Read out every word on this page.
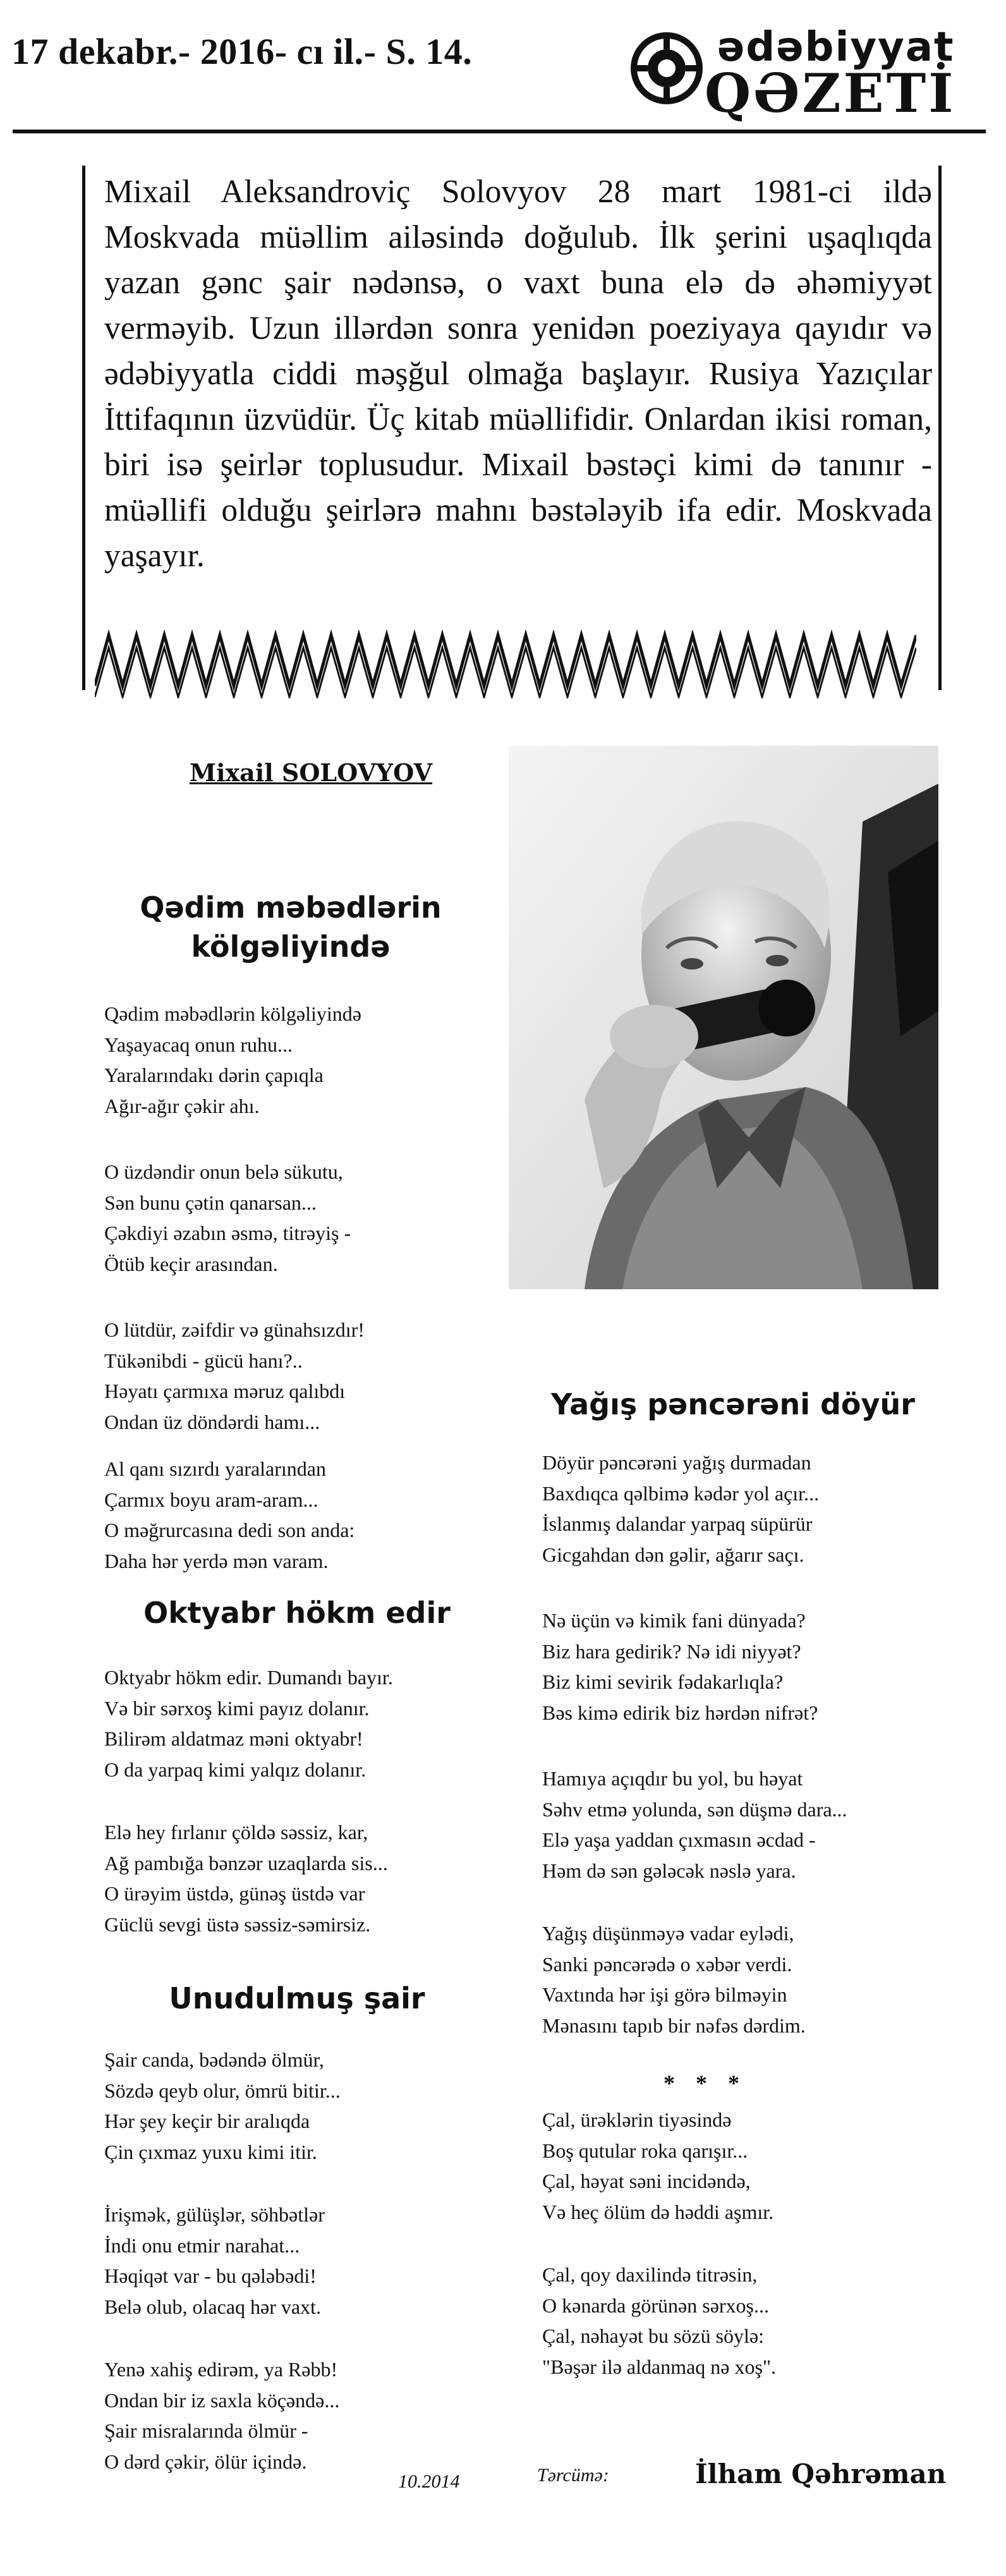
17 dekabr.- 2016- cı il.- S. 14.	ədəbiyyat
QƏZETİ
Mixail Aleksandroviç Solovyov 28 mart 1981-ci ildə Moskvada müəllim ailəsində doğulub. İlk şerini uşaqlıqda yazan gənc şair nədənsə, o vaxt buna elə də əhəmiyyət verməyib. Uzun illərdən sonra yenidən poeziyaya qayıdır və ədəbiyyatla ciddi məşğul olmağa başlayır. Rusiya Yazıçılar İttifaqının üzvüdür. Üç kitab müəllifidir. Onlardan ikisi roman, biri isə şeirlər toplusudur. Mixail bəstəçi kimi də tanınır - müəllifi olduğu şeirlərə mahnı bəstələyib ifa edir. Moskvada yaşayır.
Mixail SOLOVYOV
Qədim məbədlərin
kölgəliyində
Qədim məbədlərin kölgəliyində
Yaşayacaq onun ruhu...
Yaralarındakı dərin çapıqla
Ağır-ağır çəkir ahı.
O üzdəndir onun belə sükutu,
Sən bunu çətin qanarsan...
Çəkdiyi əzabın əsmə, titrəyiş -
Ötüb keçir arasından.
O lütdür, zəifdir və günahsızdır!
Tükənibdi - gücü hanı?..
Həyatı çarmıxa məruz qalıbdı
Ondan üz döndərdi hamı...
Al qanı sızırdı yaralarından
Çarmıx boyu aram-aram...
O məğrurcasına dedi son anda:
Daha hər yerdə mən varam.
Oktyabr hökm edir
Oktyabr hökm edir. Dumandı bayır.
Və bir sərxoş kimi payız dolanır.
Bilirəm aldatmaz məni oktyabr!
O da yarpaq kimi yalqız dolanır.
Elə hey fırlanır çöldə səssiz, kar,
Ağ pambığa bənzər uzaqlarda sis...
O ürəyim üstdə, günəş üstdə var
Güclü sevgi üstə səssiz-səmirsiz.
Unudulmuş şair
Şair canda, bədəndə ölmür,
Sözdə qeyb olur, ömrü bitir...
Hər şey keçir bir aralıqda
Çin çıxmaz yuxu kimi itir.
İrişmək, gülüşlər, söhbətlər
İndi onu etmir narahat...
Həqiqət var - bu qələbədi!
Belə olub, olacaq hər vaxt.
Yenə xahiş edirəm, ya Rəbb!
Ondan bir iz saxla köçəndə...
Şair misralarında ölmür -
O dərd çəkir, ölür içində.
Yağış pəncərəni döyür
Döyür pəncərəni yağış durmadan
Baxdıqca qəlbimə kədər yol açır...
İslanmış dalandar yarpaq süpürür
Gicgahdan dən gəlir, ağarır saçı.
Nə üçün və kimik fani dünyada?
Biz hara gedirik? Nə idi niyyət?
Biz kimi sevirik fədakarlıqla?
Bəs kimə edirik biz hərdən nifrət?
Hamıya açıqdır bu yol, bu həyat
Səhv etmə yolunda, sən düşmə dara...
Elə yaşa yaddan çıxmasın əcdad -
Həm də sən gələcək nəslə yara.
Yağış düşünməyə vadar eylədi,
Sanki pəncərədə o xəbər verdi.
Vaxtında hər işi görə bilməyin
Mənasını tapıb bir nəfəs dərdim.
* * *
Çal, ürəklərin tiyəsində
Boş qutular roka qarışır...
Çal, həyat səni incidəndə,
Və heç ölüm də həddi aşmır.
Çal, qoy daxilində titrəsin,
O kənarda görünən sərxoş...
Çal, nəhayət bu sözü söylə:
"Bəşər ilə aldanmaq nə xoş".
10.2014	Tərcümə:	İlham Qəhrəman
